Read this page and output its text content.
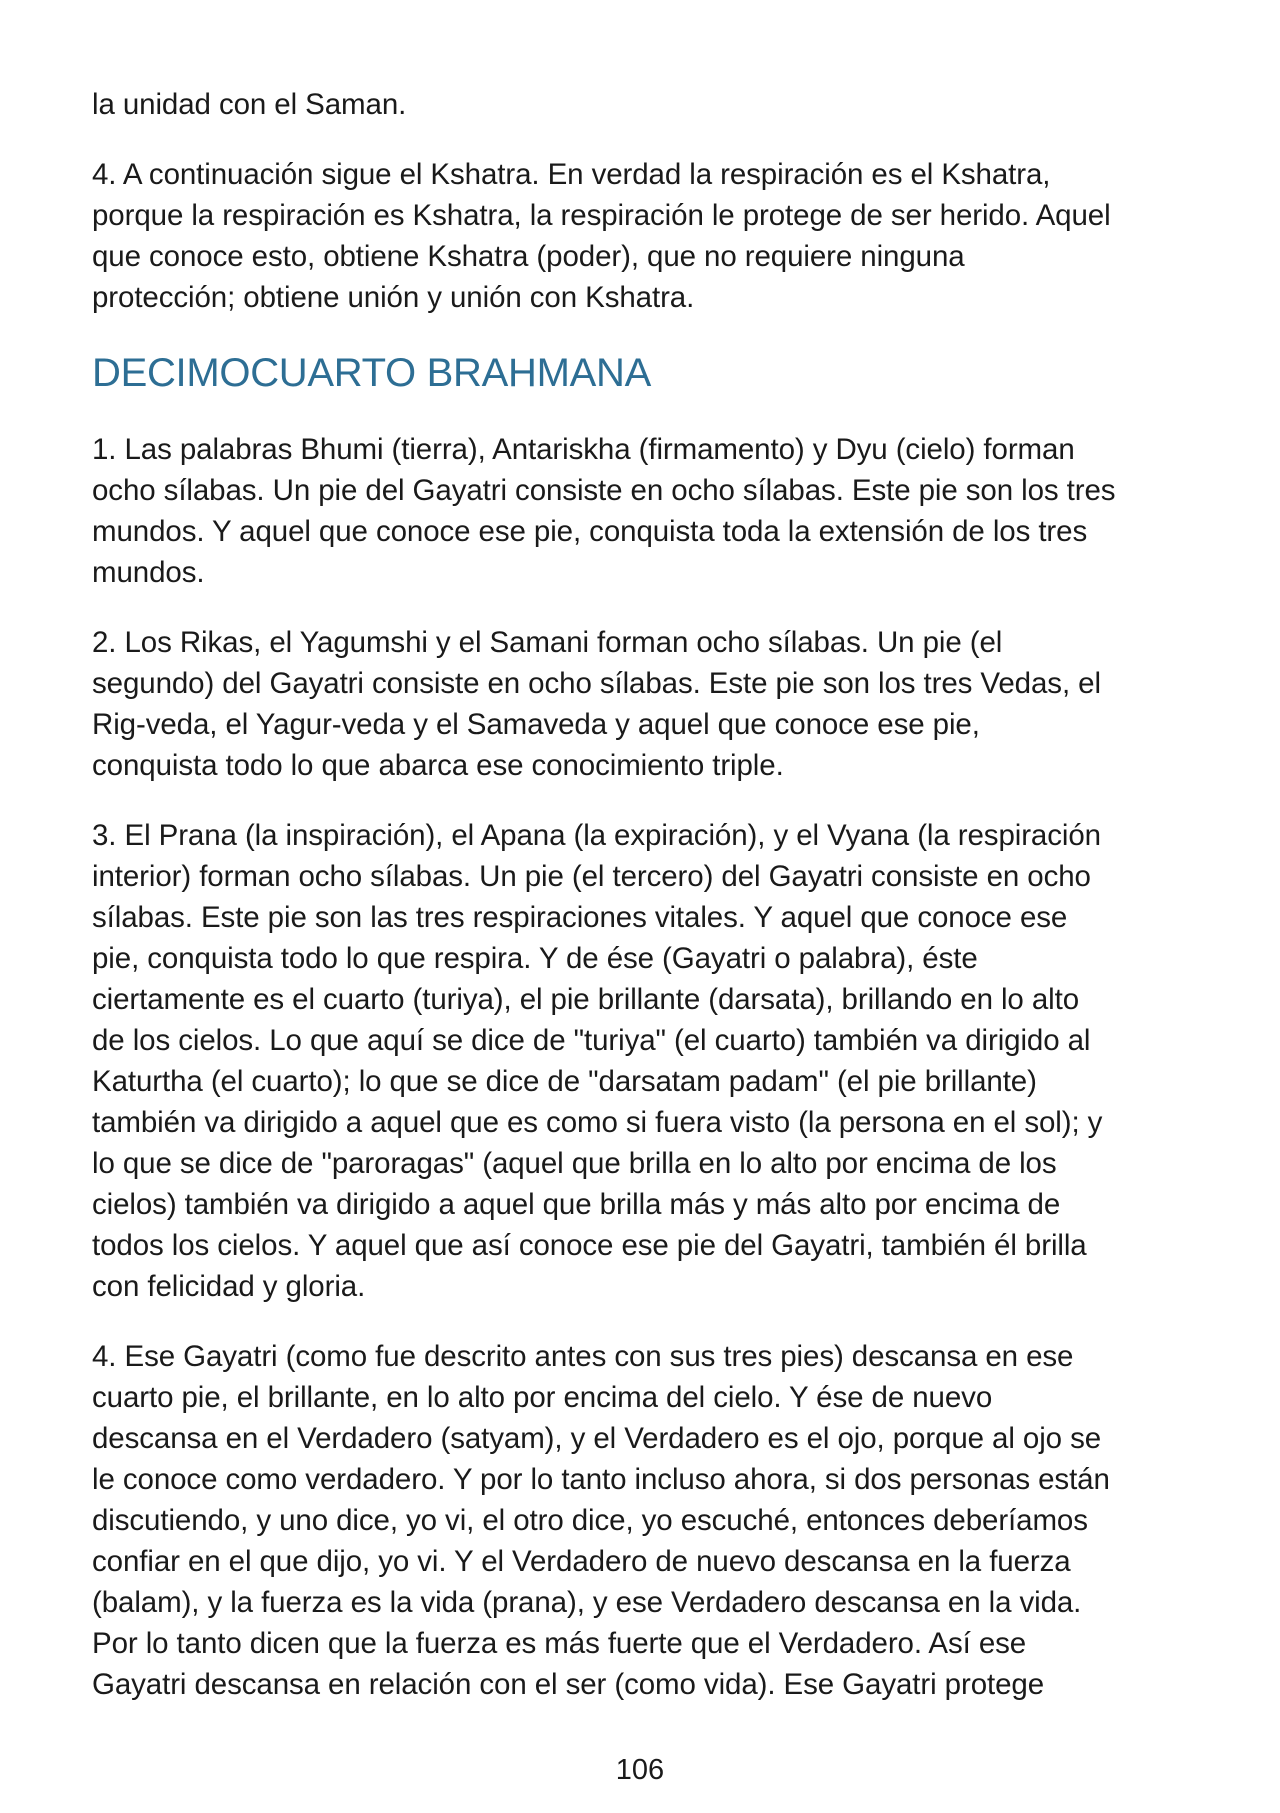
la unidad con el Saman.

4. A continuación sigue el Kshatra. En verdad la respiración es el Kshatra,
porque la respiración es Kshatra, la respiración le protege de ser herido. Aquel
que conoce esto, obtiene Kshatra (poder), que no requiere ninguna
protección; obtiene unión y unión con Kshatra.

DECIMOCUARTO BRAHMANA

1. Las palabras Bhumi (tierra), Antariskha (firmamento) y Dyu (cielo) forman
ocho sílabas. Un pie del Gayatri consiste en ocho sílabas. Este pie son los tres
mundos. Y aquel que conoce ese pie, conquista toda la extensión de los tres
mundos.

2. Los Rikas, el Yagumshi y el Samani forman ocho sílabas. Un pie (el
segundo) del Gayatri consiste en ocho sílabas. Este pie son los tres Vedas, el
Rig-veda, el Yagur-veda y el Samaveda y aquel que conoce ese pie,
conquista todo lo que abarca ese conocimiento triple.

3. El Prana (la inspiración), el Apana (la expiración), y el Vyana (la respiración
interior) forman ocho sílabas. Un pie (el tercero) del Gayatri consiste en ocho
sílabas. Este pie son las tres respiraciones vitales. Y aquel que conoce ese
pie, conquista todo lo que respira. Y de ése (Gayatri o palabra), éste
ciertamente es el cuarto (turiya), el pie brillante (darsata), brillando en lo alto
de los cielos. Lo que aquí se dice de "turiya" (el cuarto) también va dirigido al
Katurtha (el cuarto); lo que se dice de "darsatam padam" (el pie brillante)
también va dirigido a aquel que es como si fuera visto (la persona en el sol); y
lo que se dice de "paroragas" (aquel que brilla en lo alto por encima de los
cielos) también va dirigido a aquel que brilla más y más alto por encima de
todos los cielos. Y aquel que así conoce ese pie del Gayatri, también él brilla
con felicidad y gloria.

4. Ese Gayatri (como fue descrito antes con sus tres pies) descansa en ese
cuarto pie, el brillante, en lo alto por encima del cielo. Y ése de nuevo
descansa en el Verdadero (satyam), y el Verdadero es el ojo, porque al ojo se
le conoce como verdadero. Y por lo tanto incluso ahora, si dos personas están
discutiendo, y uno dice, yo vi, el otro dice, yo escuché, entonces deberíamos
confiar en el que dijo, yo vi. Y el Verdadero de nuevo descansa en la fuerza
(balam), y la fuerza es la vida (prana), y ese Verdadero descansa en la vida.
Por lo tanto dicen que la fuerza es más fuerte que el Verdadero. Así ese
Gayatri descansa en relación con el ser (como vida). Ese Gayatri protege

106
